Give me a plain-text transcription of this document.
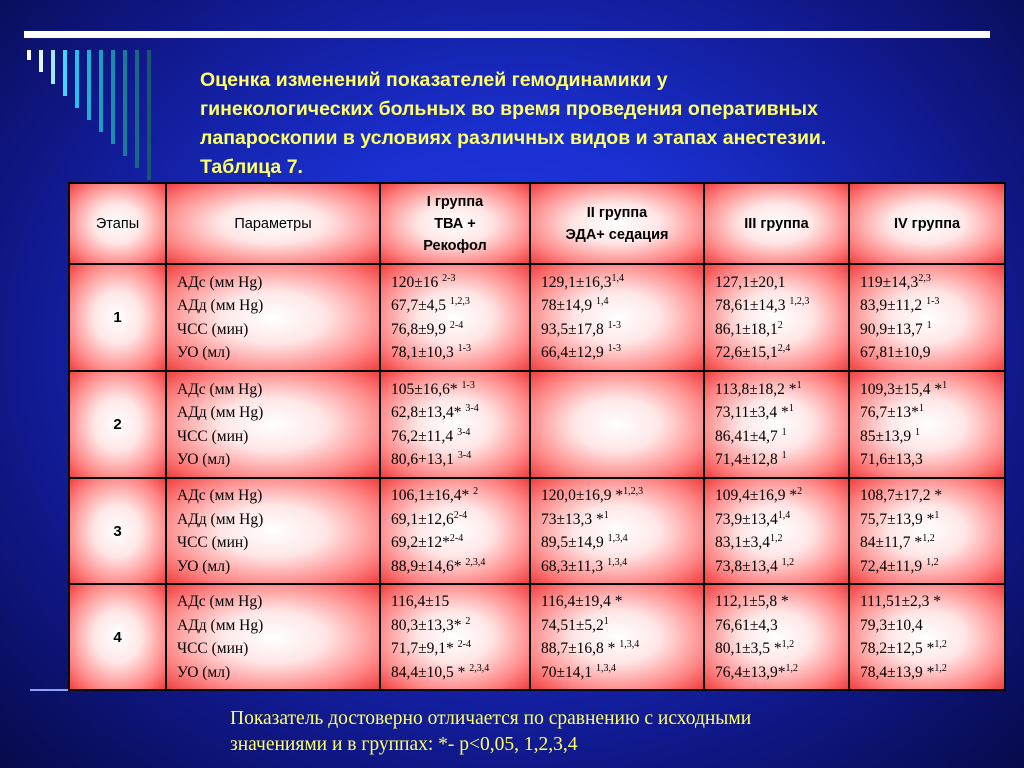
Оценка изменений показателей гемодинамики у
гинекологических больных во время проведения оперативных
лапароскопии в условиях различных видов и этапах анестезии.
Таблица 7.
Этапы	Параметры	I группа
ТВА +
Рекофол	II группа
ЭДА+ седация	III группа	IV группа
1	АДс (мм Hg)
АДд (мм Hg)
ЧСС (мин)
УО (мл)	120±16 $^{2-3}$
67,7±4,5 $^{1,2,3}$
76,8±9,9 $^{2-4}$
78,1±10,3 $^{1-3}$	$129,1\pm 16,3^{1,4}$
78±14,9 $^{1,4}$
93,5±17,8 $^{1-3}$
66,4±12,9 $^{1-3}$	127,1±20,1
78,61±14,3 $^{1,2,3}$
$86,1\pm 18,1^2$
$72,6\pm 15,1^{2,4}$	$119\pm 14,3^{2,3}$
83,9±11,2 $^{1-3}$
90,9±13,7 $^1$
67,81±10,9

2	АДс (мм Hg)
АДд (мм Hg)
ЧСС (мин)
УО (мл)	105±16,6* $^{1-3}$
62,8±13,4* $^{3-4}$
76,2±11,4 $^{3-4}$
80,6+13,1 $^{3-4}$		113,8±18,2 *$^1$
73,11±3,4 *$^1$
86,41±4,7 $^1$
71,4±12,8 $^1$	109,3±15,4 *$^1$
76,7±13*$^1$
85±13,9 $^1$
71,6±13,3

3	АДс (мм Hg)
АДд (мм Hg)
ЧСС (мин)
УО (мл)	106,1±16,4* $^2$
$69,1\pm 12,6^{2-4}$
69,2±12*$^{2-4}$
88,9±14,6* $^{2,3,4}$	120,0±16,9 *$^{1,2,3}$
73±13,3 *$^1$
89,5±14,9 $^{1,3,4}$
68,3±11,3 $^{1,3,4}$	109,4±16,9 *$^2$
$73,9\pm 13,4^{1,4}$
$83,1\pm 3,4^{1,2}$
73,8±13,4 $^{1,2}$	108,7±17,2 *
75,7±13,9 *$^1$
84±11,7 *$^{1,2}$
72,4±11,9 $^{1,2}$

4	АДс (мм Hg)
АДд (мм Hg)
ЧСС (мин)
УО (мл)	116,4±15
80,3±13,3* $^2$
71,7±9,1* $^{2-4}$
84,4±10,5 * $^{2,3,4}$	116,4±19,4 *
$74,51\pm 5,2^1$
88,7±16,8 * $^{1,3,4}$
70±14,1 $^{1,3,4}$	112,1±5,8 *
76,61±4,3
80,1±3,5 *$^{1,2}$
76,4±13,9*$^{1,2}$	111,51±2,3 *
79,3±10,4
78,2±12,5 *$^{1,2}$
78,4±13,9 *$^{1,2}$
Показатель достоверно отличается по сравнению с исходными
значениями и в группах: *- р<0,05, 1,2,3,4
